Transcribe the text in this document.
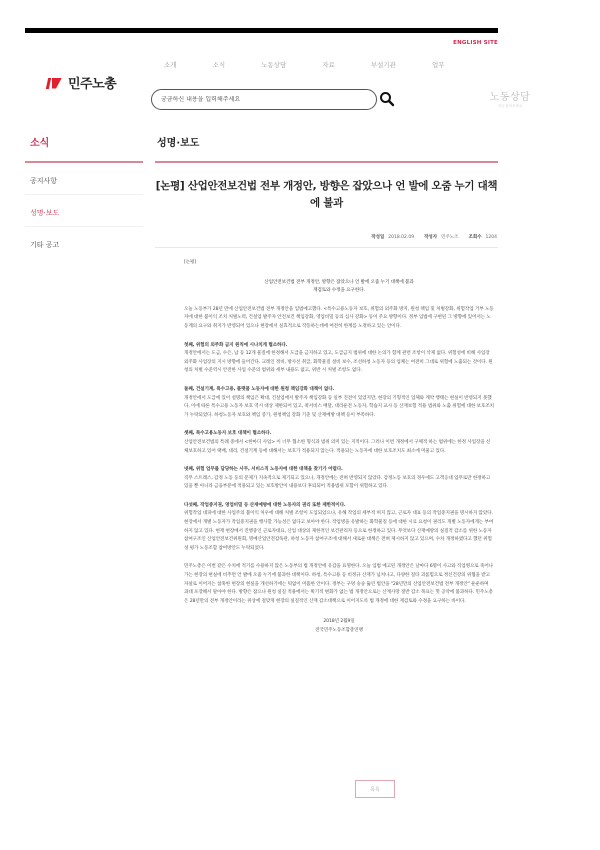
ENGLISH SITE
민주노총
소개	소식	노동상담	자료	부설기관	업무
궁금하신 내용을 입력해주세요
노동상담
지금 물어보세요
소식
공지사항
성명·보도
기타 공고
성명·보도
[논평] 산업안전보건법 전부 개정안, 방향은 잡았으나 언 발에 오줌 누기 대책에 불과
작성일 2018.02.09 작성자 민주노조 조회수 1204
[논평]
산업안전보건법 전부 개정안, 방향은 잡았으나 언 발에 오줌 누기 대책에 불과
재검토와 수정을 요구한다.

오늘 노동부가 28년 만에 산업안전보건법 전부 개정안을 입법예고했다. <특수고용노동자 보호, 위험의 외주화 방지, 원청 책임 및 처벌강화, 위험작업 거부 노동자에 대한 불이익 조치 처벌노력, 건설업 발주자 안전보건 책임강화, 영업비밀 등의 심사 강화> 등이 주요 방향이다. 정부 입법에 구현된 그 방향에 있어서는 노동계의 요구와 취지가 반영되어 있으나 현장에서 실효적으로 작동하는데에 여전히 한계를 노정하고 있는 안이다.

첫째, 위험의 외주화 금지 원칙에 시나치게 협소하다.
개정안에서는 도금, 수은, 납 등 12개 물질에 한정해서 도급을 금지하고 있고, 도급금지 범위에 대한 논의가 함께 관련 조항이 삭제 없다. 위험성에 비해 사업장 외주화 사업장의 지시 방향에 들어간다. 크레인 정비, 방사선 취급, 화학물질 설비 보수, 조선하청 노동자 등의 업체는 여전히 그대로 위험에 노출되는 것이다. 원청의 처벌 수준역시 안전한 사업 수준의 범위와 세부 내용도 없고, 위반 시 처벌 조항도 없다.

둘째, 건설기계, 특수고용, 플랫폼 노동자에 대한 원청 책임강화 대책이 없다.
개정안에서 도급에 있어 설명의 책임은 확대, 건설업에서 발주자 책임강화 등 일부 진전이 있었지만, 현장의 기형적인 업체와 계약 행태는 현실이 반영되지 못했다. 이에 따른 특수고용 노동자 보호 역시 대상 제한되어 있고, 퀵서비스 배달, 대리운전 노동자, 학습지 교사 등 산재보험 적용 범위와 노출 위험에 대한 보호조치가 누락되었다. 하청노동자 보호와 책임 증가, 원청책임 강화 기준 및 산재예방 대책 등이 부족하다.

셋째, 특수고용노동자 보호 대책이 협소하다.
산업안전보건법의 특례 중에서 <한마디 사업> 이 너무 협소한 형식과 범위 의미 있는 지적이다. 그러나 이번 개정에서 구체적 하는 범위에는 한정 사업장을 신체보호하고 있어 택배, 대리, 건설기계 등에 대해서는 보호가 적용되지 않는다. 적용되는 노동자에 대한 보호조치도 최소에 머물고 있다.

넷째, 위험 업무를 담당하는 사무, 서비스직 노동자에 대한 대책을 찾기가 어렵다.
직무 스트레스, 감정 노동 등의 문제가 지속적으로 제기되고 있으나, 개정안에는 전혀 반영되지 않았다. 감정노동 보호의 경우에도 고객응대 업무로만 한정하고 있을 뿐 아니라 금융부분에 적용되고 있는 보호방안이 내용보다 후퇴되어 적용범위 포함이 위험하고 있다.

다섯째, 작업중지권, 영업비밀 등 산재예방에 대한 노동자의 권리 또한 제한적이다.
위험작업 대피에 대한 사업주의 불이익 처우에 대해 처벌 조항이 도입되었으나, 유해 작업의 세부적 허지 않고, 근로자 대표 등의 작업중지권을 명시하지 않았다. 현장에서 개별 노동자가 작업중지권을 행사할 가능성은 없다고 보아야 한다. 작업병을 유발하는 화학물질 등에 대한 시료 요청이 권리도 개별 노동자에게는 부여하지 않고 있다. 현재 현장에서 진행중인 근로자대표, 산업 대상의 제한적인 보건관리자 등으로 한정하고 있다. 무엇보다 산재예방의 실질적 감소를 위한 노동자 참여구조인 산업안전보건위원회, 명예산업안전감독관, 하청 노동자 참여구조에 대해서 새로운 대책은 전혀 제시하지 않고 있으며, 수차 개정하였다고 했던 위험성 평가 노동조합 참여방안도 누락되었다.

민주노총은 이번 같은 수치에 적기를 수용하지 않은 노동부의 법 개정안에 유감을 표명한다. 오늘 입법 예고된 개정안은 날마다 6명이 사고와 직업병으로 죽어나가는 현장의 현실에 비추면 언 발에 오줌 누기에 불과한 대책이다. 하청, 특수고용 등 비정규 산재가 넘쳐나고, 다양한 질타 괴롭힘으로 정신건강의 위협을 받고 자살로 이어지는 참혹한 현장의 현실을 개선하기에는 턱없이 미흡한 안이다. 정부는 구멍 숭숭 뚫린 법안을 "28년만의 산업안전보건법 전부 개정안" 운운하며 과대 포장해서 말아야 한다. 방향은 잡으나 원청 실질 적용에서는 획기적 변화가 없는 법 개정안으로는 산재사망 절반 감소 목표는 헛 공약에 불과하다. 민주노총은 28년만의 전부 개정안이라는 위상에 걸맞게 현장의 실질적인 산재 감소대책으로 이어지도록 법 개정에 대한 재검토와 수정을 요구하는 바이다.

2018년 2월9일
전국민주노동조합총연맹
목록
